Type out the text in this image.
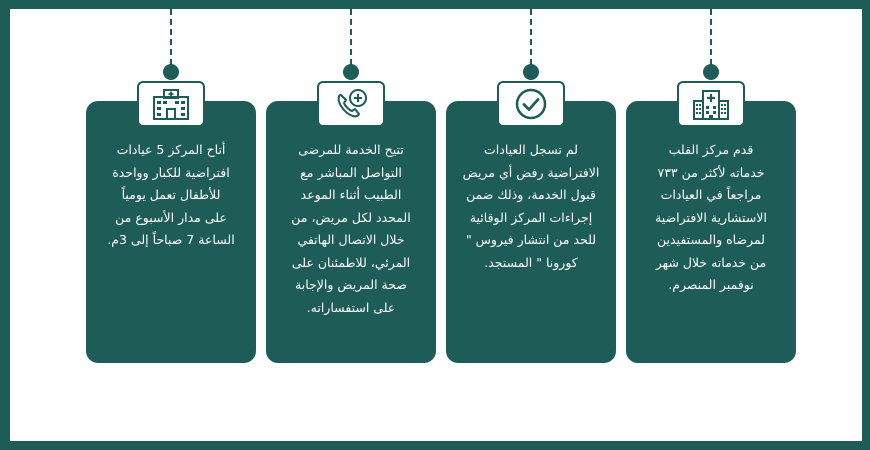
قدم مركز القلب
خدماته لأكثر من ٧٣٣
مراجعاً في العيادات
الاستشارية الافتراضية
لمرضاه والمستفيدين
من خدماته خلال شهر
نوفمبر المنصرم.

لم تسجل العيادات
الافتراضية رفض أي مريض
قبول الخدمة، وذلك ضمن
إجراءات المركز الوقائية
للحد من انتشار فيروس "
كورونا " المستجد.

تتيح الخدمة للمرضى
التواصل المباشر مع
الطبيب أثناء الموعد
المحدد لكل مريض، من
خلال الاتصال الهاتفي
المرئي، للاطمئنان على
صحة المريض والإجابة
على استفساراته.

أتاح المركز 5 عيادات
افتراضية للكبار وواحدة
للأطفال تعمل يومياً
على مدار الأسبوع من
الساعة 7 صباحاً إلى 3م.
